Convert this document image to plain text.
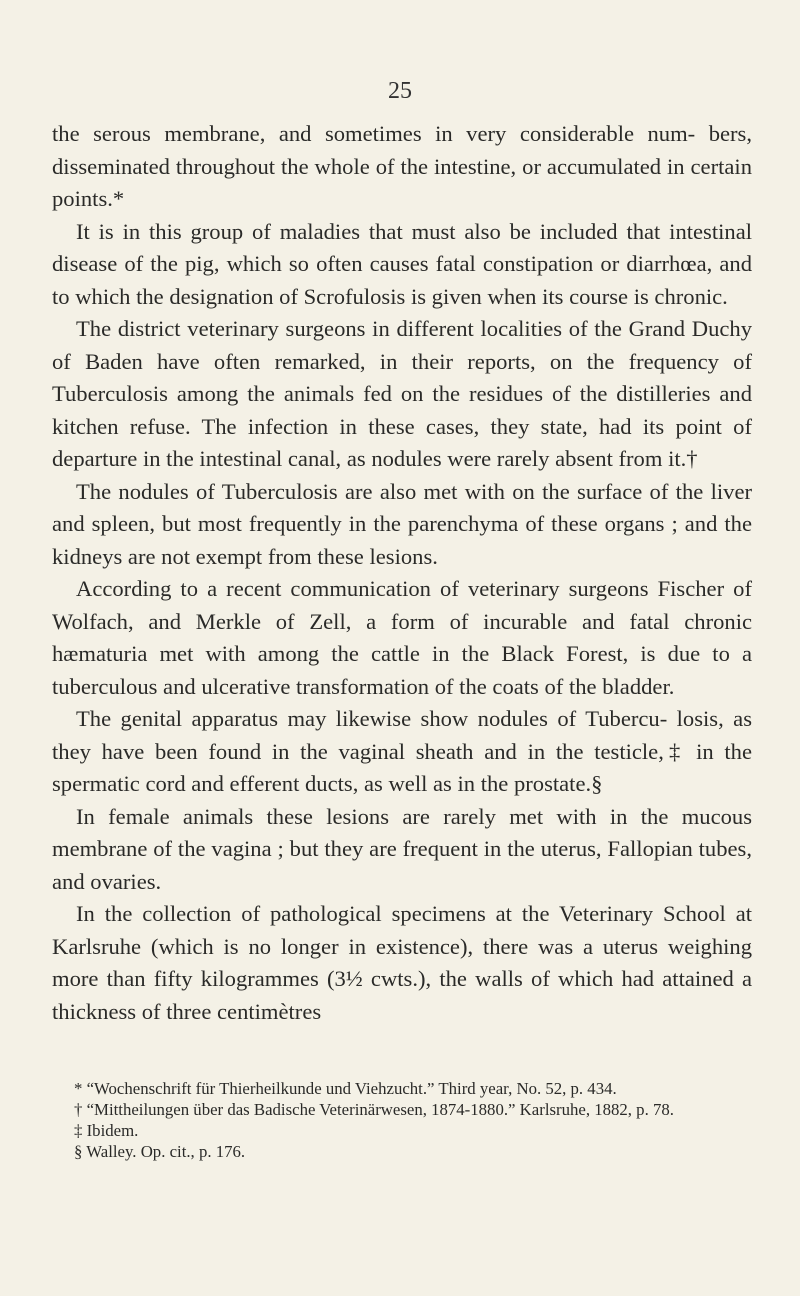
25

the serous membrane, and sometimes in very considerable num- bers, disseminated throughout the whole of the intestine, or accumulated in certain points.*

It is in this group of maladies that must also be included that intestinal disease of the pig, which so often causes fatal constipation or diarrhœa, and to which the designation of Scrofulosis is given when its course is chronic.

The district veterinary surgeons in different localities of the Grand Duchy of Baden have often remarked, in their reports, on the frequency of Tuberculosis among the animals fed on the residues of the distilleries and kitchen refuse. The infection in these cases, they state, had its point of departure in the intestinal canal, as nodules were rarely absent from it.†

The nodules of Tuberculosis are also met with on the surface of the liver and spleen, but most frequently in the parenchyma of these organs ; and the kidneys are not exempt from these lesions.

According to a recent communication of veterinary surgeons Fischer of Wolfach, and Merkle of Zell, a form of incurable and fatal chronic hæmaturia met with among the cattle in the Black Forest, is due to a tuberculous and ulcerative transformation of the coats of the bladder.

The genital apparatus may likewise show nodules of Tubercu- losis, as they have been found in the vaginal sheath and in the testicle,‡ in the spermatic cord and efferent ducts, as well as in the prostate.§

In female animals these lesions are rarely met with in the mucous membrane of the vagina ; but they are frequent in the uterus, Fallopian tubes, and ovaries.

In the collection of pathological specimens at the Veterinary School at Karlsruhe (which is no longer in existence), there was a uterus weighing more than fifty kilogrammes (3½ cwts.), the walls of which had attained a thickness of three centimètres

* “Wochenschrift für Thierheilkunde und Viehzucht.” Third year, No. 52, p. 434.

† “Mittheilungen über das Badische Veterinärwesen, 1874-1880.” Karlsruhe, 1882, p. 78.

‡ Ibidem.

§ Walley. Op. cit., p. 176.
